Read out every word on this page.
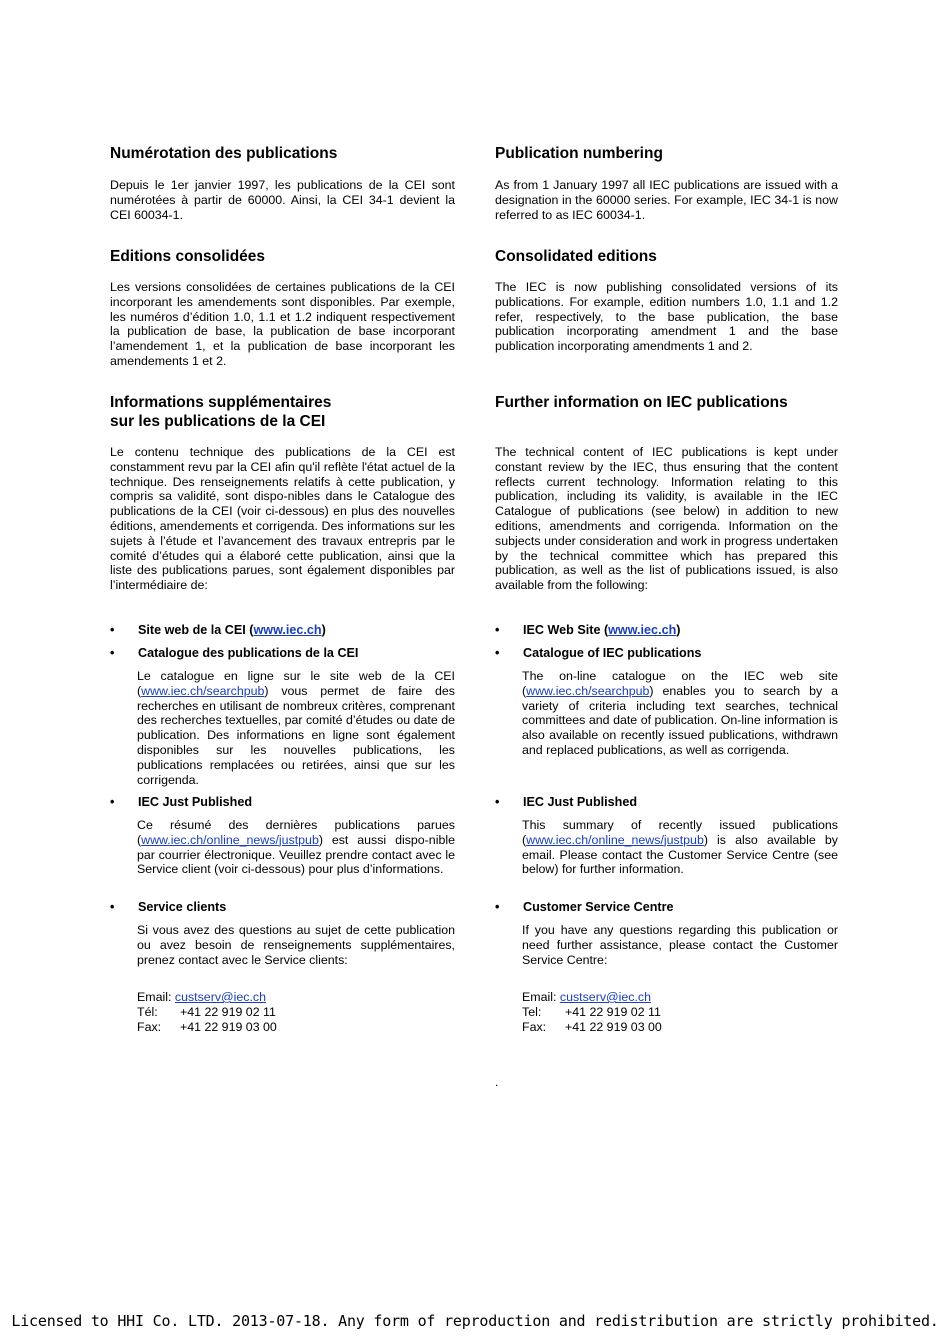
Numérotation des publications

Depuis le 1er janvier 1997, les publications de la CEI sont numérotées à partir de 60000. Ainsi, la CEI 34-1 devient la CEI 60034-1.

Editions consolidées

Les versions consolidées de certaines publications de la CEI incorporant les amendements sont disponibles. Par exemple, les numéros d’édition 1.0, 1.1 et 1.2 indiquent respectivement la publication de base, la publication de base incorporant l’amendement 1, et la publication de base incorporant les amendements 1 et 2.

Informations supplémentaires
sur les publications de la CEI

Le contenu technique des publications de la CEI est constamment revu par la CEI afin qu'il reflète l'état actuel de la technique. Des renseignements relatifs à cette publication, y compris sa validité, sont dispo-nibles dans le Catalogue des publications de la CEI (voir ci-dessous) en plus des nouvelles éditions, amendements et corrigenda. Des informations sur les sujets à l’étude et l’avancement des travaux entrepris par le comité d’études qui a élaboré cette publication, ainsi que la liste des publications parues, sont également disponibles par l’intermédiaire de:

• Site web de la CEI (www.iec.ch)
• Catalogue des publications de la CEI

Le catalogue en ligne sur le site web de la CEI (www.iec.ch/searchpub) vous permet de faire des recherches en utilisant de nombreux critères, comprenant des recherches textuelles, par comité d’études ou date de publication. Des informations en ligne sont également disponibles sur les nouvelles publications, les publications remplacées ou retirées, ainsi que sur les corrigenda.

• IEC Just Published

Ce résumé des dernières publications parues (www.iec.ch/online_news/justpub) est aussi dispo-nible par courrier électronique. Veuillez prendre contact avec le Service client (voir ci-dessous) pour plus d’informations.

• Service clients

Si vous avez des questions au sujet de cette publication ou avez besoin de renseignements supplémentaires, prenez contact avec le Service clients:

Email: custserv@iec.ch
Tél: +41 22 919 02 11
Fax: +41 22 919 03 00
Publication numbering

As from 1 January 1997 all IEC publications are issued with a designation in the 60000 series. For example, IEC 34-1 is now referred to as IEC 60034-1.

Consolidated editions

The IEC is now publishing consolidated versions of its publications. For example, edition numbers 1.0, 1.1 and 1.2 refer, respectively, to the base publication, the base publication incorporating amendment 1 and the base publication incorporating amendments 1 and 2.

Further information on IEC publications

The technical content of IEC publications is kept under constant review by the IEC, thus ensuring that the content reflects current technology. Information relating to this publication, including its validity, is available in the IEC Catalogue of publications (see below) in addition to new editions, amendments and corrigenda. Information on the subjects under consideration and work in progress undertaken by the technical committee which has prepared this publication, as well as the list of publications issued, is also available from the following:

• IEC Web Site (www.iec.ch)
• Catalogue of IEC publications

The on-line catalogue on the IEC web site (www.iec.ch/searchpub) enables you to search by a variety of criteria including text searches, technical committees and date of publication. On-line information is also available on recently issued publications, withdrawn and replaced publications, as well as corrigenda.

• IEC Just Published

This summary of recently issued publications (www.iec.ch/online_news/justpub) is also available by email. Please contact the Customer Service Centre (see below) for further information.

• Customer Service Centre

If you have any questions regarding this publication or need further assistance, please contact the Customer Service Centre:

Email: custserv@iec.ch
Tel: +41 22 919 02 11
Fax: +41 22 919 03 00
.
Licensed to HHI Co. LTD. 2013-07-18. Any form of reproduction and redistribution are strictly prohibited.
